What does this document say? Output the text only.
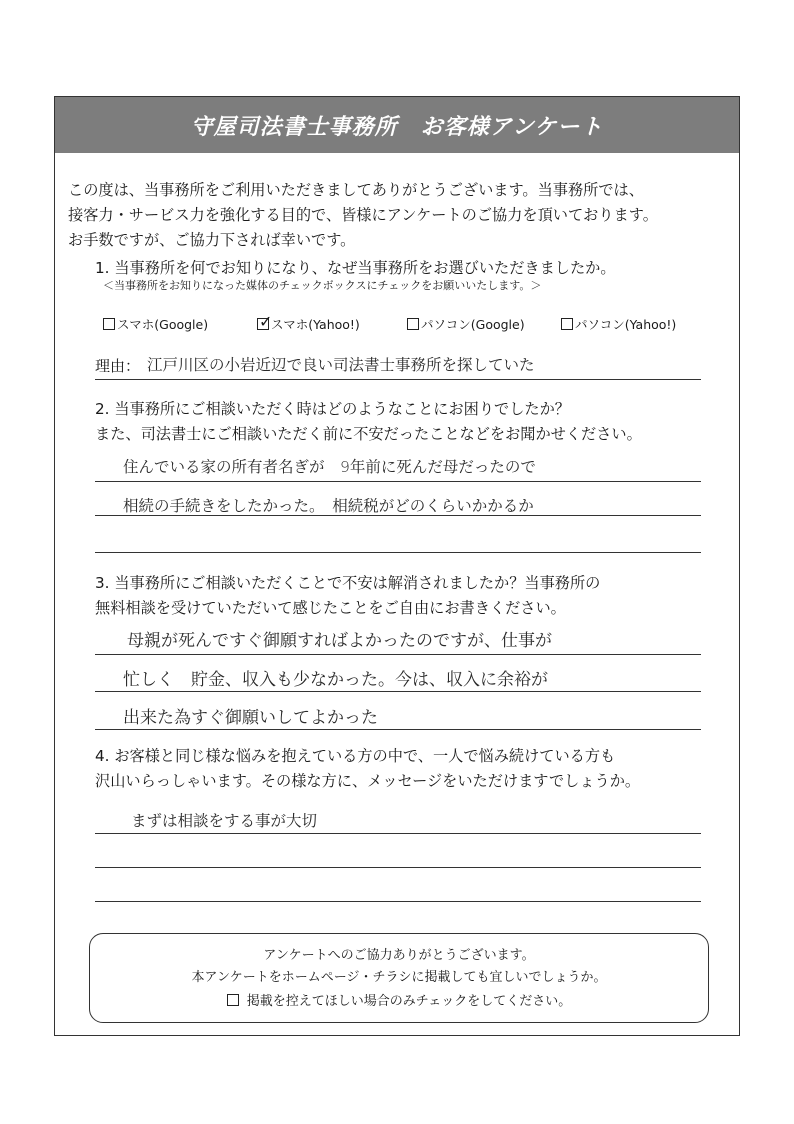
守屋司法書士事務所　お客様アンケート
この度は、当事務所をご利用いただきましてありがとうございます。当事務所では、
接客力・サービス力を強化する目的で、皆様にアンケートのご協力を頂いております。
お手数ですが、ご協力下されば幸いです。
1. 当事務所を何でお知りになり、なぜ当事務所をお選びいただきましたか。
＜当事務所をお知りになった媒体のチェックボックスにチェックをお願いいたします。＞
スマホ(Google)	✓
スマホ(Yahoo!)	パソコン(Google)	パソコン(Yahoo!)
理由： 江戸川区の小岩近辺で良い司法書士事務所を探していた
2. 当事務所にご相談いただく時はどのようなことにお困りでしたか？
また、司法書士にご相談いただく前に不安だったことなどをお聞かせください。
住んでいる家の所有者名ぎが　9年前に死んだ母だったので
相続の手続きをしたかった。　相続税がどのくらいかかるか
3. 当事務所にご相談いただくことで不安は解消されましたか？当事務所の
無料相談を受けていただいて感じたことをご自由にお書きください。
母親が死んですぐ御願すればよかったのですが、仕事が
忙しく　貯金、収入も少なかった。今は、収入に余裕が
出来た為すぐ御願いしてよかった
4. お客様と同じ様な悩みを抱えている方の中で、一人で悩み続けている方も
沢山いらっしゃいます。その様な方に、メッセージをいただけますでしょうか。
まずは相談をする事が大切
アンケートへのご協力ありがとうございます。
本アンケートをホームページ・チラシに掲載しても宜しいでしょうか。
掲載を控えてほしい場合のみチェックをしてください。
